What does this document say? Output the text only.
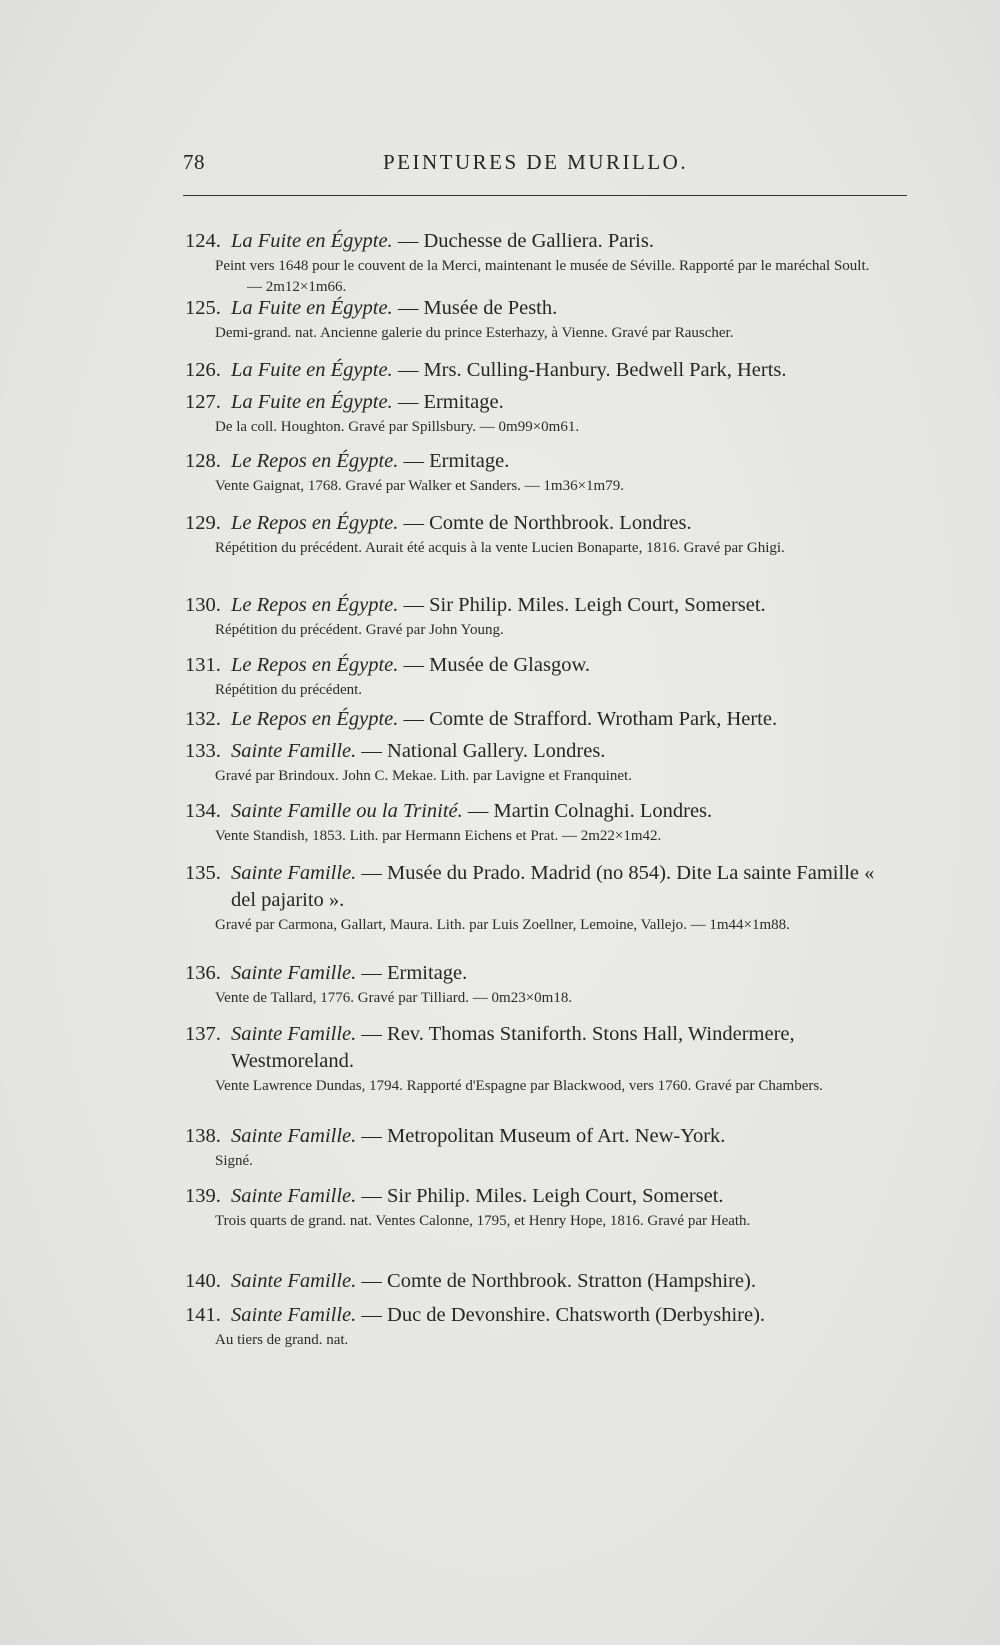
78	PEINTURES DE MURILLO.
124. La Fuite en Égypte. — Duchesse de Galliera. Paris.
Peint vers 1648 pour le couvent de la Merci, maintenant le musée de Séville. Rapporté par le maréchal Soult. — 2m12×1m66.
125. La Fuite en Égypte. — Musée de Pesth.
Demi-grand. nat. Ancienne galerie du prince Esterhazy, à Vienne. Gravé par Rauscher.
126. La Fuite en Égypte. — Mrs. Culling-Hanbury. Bedwell Park, Herts.
127. La Fuite en Égypte. — Ermitage.
De la coll. Houghton. Gravé par Spillsbury. — 0m99×0m61.
128. Le Repos en Égypte. — Ermitage.
Vente Gaignat, 1768. Gravé par Walker et Sanders. — 1m36×1m79.
129. Le Repos en Égypte. — Comte de Northbrook. Londres.
Répétition du précédent. Aurait été acquis à la vente Lucien Bonaparte, 1816. Gravé par Ghigi.
130. Le Repos en Égypte. — Sir Philip. Miles. Leigh Court, Somerset.
Répétition du précédent. Gravé par John Young.
131. Le Repos en Égypte. — Musée de Glasgow.
Répétition du précédent.
132. Le Repos en Égypte. — Comte de Strafford. Wrotham Park, Herte.
133. Sainte Famille. — National Gallery. Londres.
Gravé par Brindoux. John C. Mekae. Lith. par Lavigne et Franquinet.
134. Sainte Famille ou la Trinité. — Martin Colnaghi. Londres.
Vente Standish, 1853. Lith. par Hermann Eichens et Prat. — 2m22×1m42.
135. Sainte Famille. — Musée du Prado. Madrid (no 854). Dite La sainte Famille « del pajarito ».
Gravé par Carmona, Gallart, Maura. Lith. par Luis Zoellner, Lemoine, Vallejo. — 1m44×1m88.
136. Sainte Famille. — Ermitage.
Vente de Tallard, 1776. Gravé par Tilliard. — 0m23×0m18.
137. Sainte Famille. — Rev. Thomas Staniforth. Stons Hall, Windermere, Westmoreland.
Vente Lawrence Dundas, 1794. Rapporté d'Espagne par Blackwood, vers 1760. Gravé par Chambers.
138. Sainte Famille. — Metropolitan Museum of Art. New-York.
Signé.
139. Sainte Famille. — Sir Philip. Miles. Leigh Court, Somerset.
Trois quarts de grand. nat. Ventes Calonne, 1795, et Henry Hope, 1816. Gravé par Heath.
140. Sainte Famille. — Comte de Northbrook. Stratton (Hampshire).
141. Sainte Famille. — Duc de Devonshire. Chatsworth (Derbyshire).
Au tiers de grand. nat.
